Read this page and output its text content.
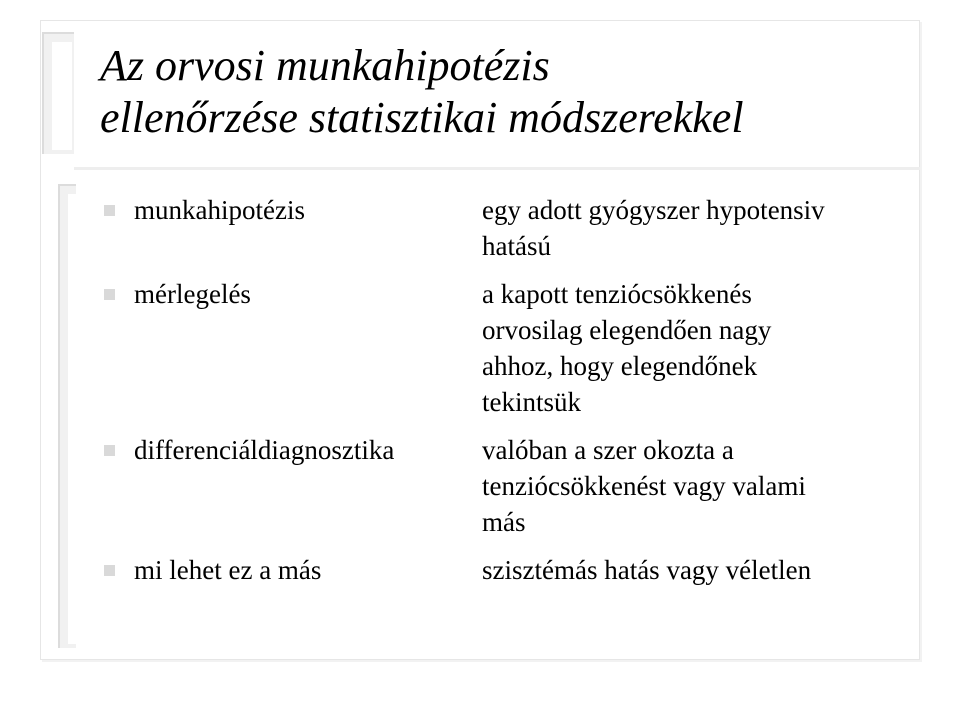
Az orvosi munkahipotézis
ellenőrzése statisztikai módszerekkel
munkahipotézis	egy adott gyógyszer hypotensiv
hatású
mérlegelés	a kapott tenziócsökkenés
orvosilag elegendően nagy
ahhoz, hogy elegendőnek
tekintsük
differenciáldiagnosztika	valóban a szer okozta a
tenziócsökkenést vagy valami
más
mi lehet ez a más	szisztémás hatás vagy véletlen
